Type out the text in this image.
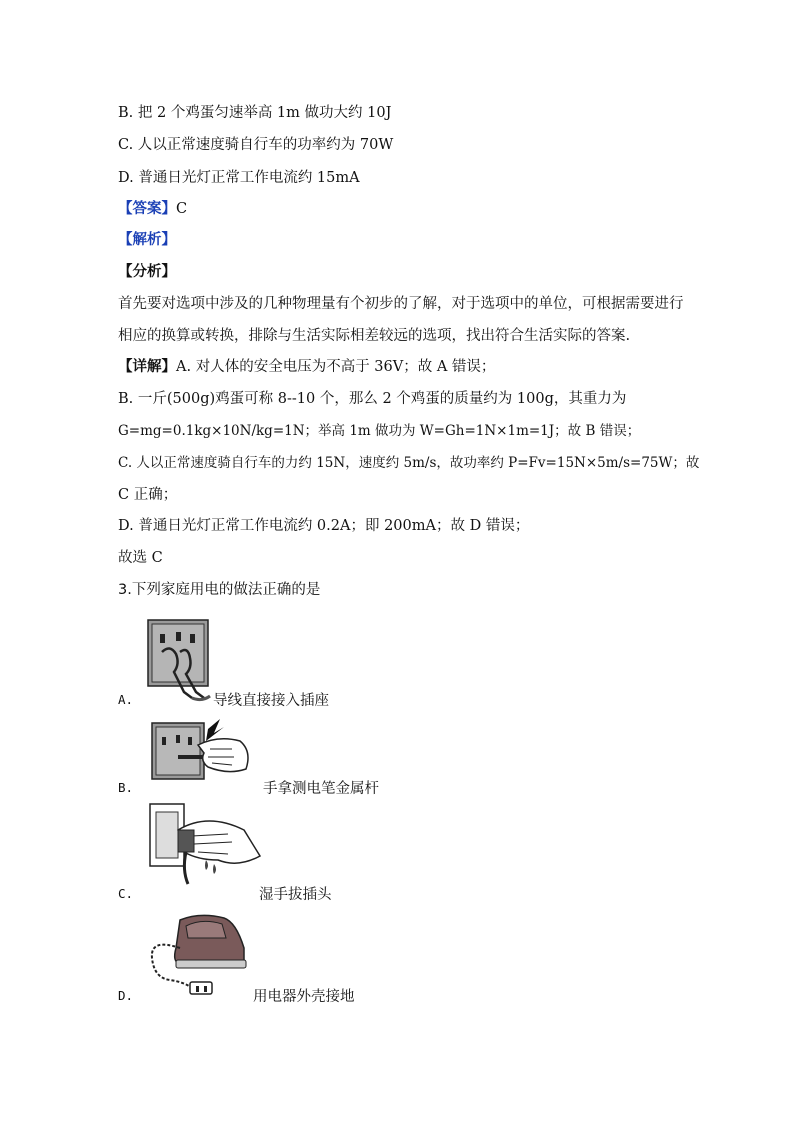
B. 把 2 个鸡蛋匀速举高 1m 做功大约 10J
C. 人以正常速度骑自行车的功率约为 70W
D. 普通日光灯正常工作电流约 15mA
【答案】C
【解析】
【分析】
首先要对选项中涉及的几种物理量有个初步的了解，对于选项中的单位，可根据需要进行
相应的换算或转换，排除与生活实际相差较远的选项，找出符合生活实际的答案.
【详解】A. 对人体的安全电压为不高于 36V；故 A 错误；
B. 一斤(500g)鸡蛋可称 8--10 个，那么 2 个鸡蛋的质量约为 100g，其重力为
G=mg=0.1kg×10N/kg=1N；举高 1m 做功为 W=Gh=1N×1m=1J；故 B 错误；
C. 人以正常速度骑自行车的力约 15N，速度约 5m/s，故功率约 P=Fv=15N×5m/s=75W；故
C 正确；
D. 普通日光灯正常工作电流约 0.2A；即 200mA；故 D 错误；
故选 C
3.下列家庭用电的做法正确的是
A.	导线直接接入插座
B.	手拿测电笔金属杆
C.	湿手拔插头
D.	用电器外壳接地
